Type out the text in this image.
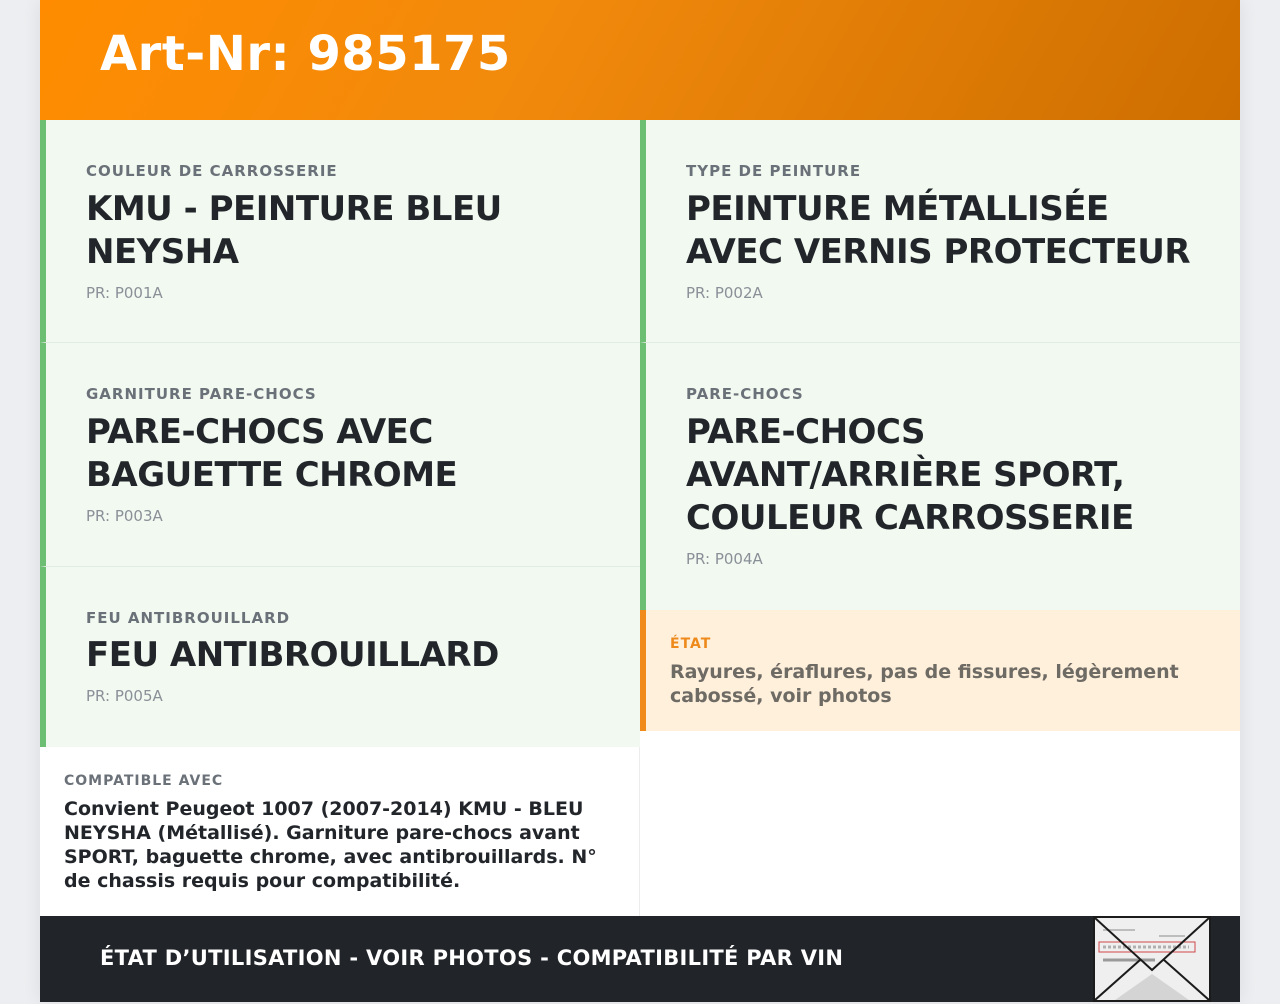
Art-Nr: 985175
COULEUR DE CARROSSERIE
KMU - PEINTURE BLEU
NEYSHA
PR: P001A
TYPE DE PEINTURE
PEINTURE MÉTALLISÉE
AVEC VERNIS PROTECTEUR
PR: P002A
GARNITURE PARE-CHOCS
PARE-CHOCS AVEC
BAGUETTE CHROME
PR: P003A
PARE-CHOCS
PARE-CHOCS
AVANT/ARRIÈRE SPORT,
COULEUR CARROSSERIE
PR: P004A
FEU ANTIBROUILLARD
FEU ANTIBROUILLARD
PR: P005A
ÉTAT
Rayures, éraflures, pas de fissures, légèrement cabossé, voir photos
COMPATIBLE AVEC
Convient Peugeot 1007 (2007-2014) KMU - BLEU NEYSHA (Métallisé). Garniture pare-chocs avant SPORT, baguette chrome, avec antibrouillards. N° de chassis requis pour compatibilité.
ÉTAT D’UTILISATION - VOIR PHOTOS - COMPATIBILITÉ PAR VIN
